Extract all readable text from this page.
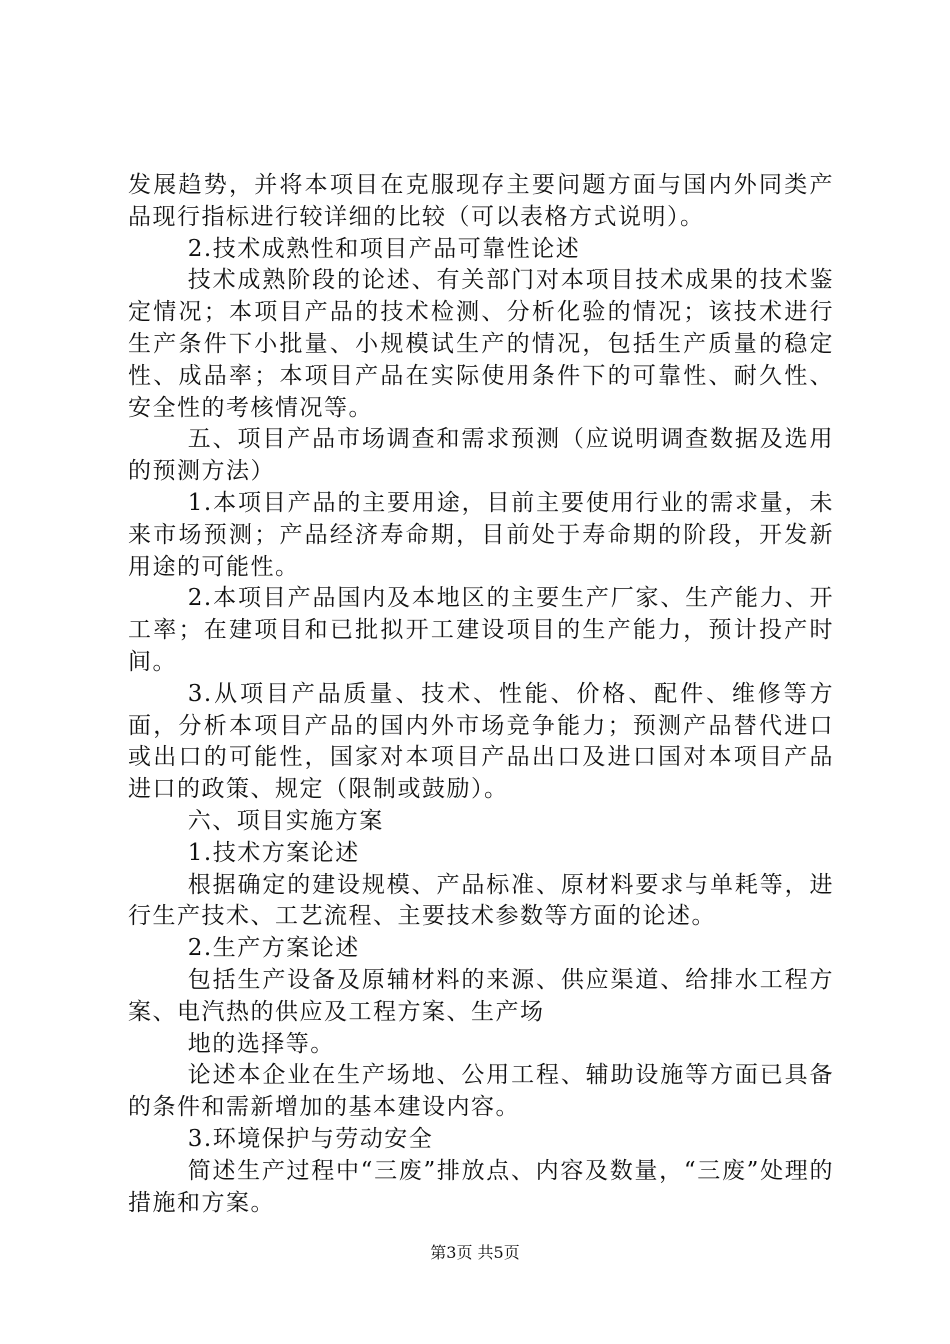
发展趋势，并将本项目在克服现存主要问题方面与国内外同类产品现行指标进行较详细的比较（可以表格方式说明）。

2.技术成熟性和项目产品可靠性论述

技术成熟阶段的论述、有关部门对本项目技术成果的技术鉴定情况；本项目产品的技术检测、分析化验的情况；该技术进行生产条件下小批量、小规模试生产的情况，包括生产质量的稳定性、成品率；本项目产品在实际使用条件下的可靠性、耐久性、安全性的考核情况等。

五、项目产品市场调查和需求预测（应说明调查数据及选用的预测方法）

1.本项目产品的主要用途，目前主要使用行业的需求量，未来市场预测；产品经济寿命期，目前处于寿命期的阶段，开发新用途的可能性。

2.本项目产品国内及本地区的主要生产厂家、生产能力、开工率；在建项目和已批拟开工建设项目的生产能力，预计投产时间。

3.从项目产品质量、技术、性能、价格、配件、维修等方面，分析本项目产品的国内外市场竞争能力；预测产品替代进口或出口的可能性，国家对本项目产品出口及进口国对本项目产品进口的政策、规定（限制或鼓励）。

六、项目实施方案

1.技术方案论述

根据确定的建设规模、产品标准、原材料要求与单耗等，进行生产技术、工艺流程、主要技术参数等方面的论述。

2.生产方案论述

包括生产设备及原辅材料的来源、供应渠道、给排水工程方案、电汽热的供应及工程方案、生产场

地的选择等。

论述本企业在生产场地、公用工程、辅助设施等方面已具备的条件和需新增加的基本建设内容。

3.环境保护与劳动安全

简述生产过程中“三废”排放点、内容及数量，“三废”处理的措施和方案。

第3页 共5页
